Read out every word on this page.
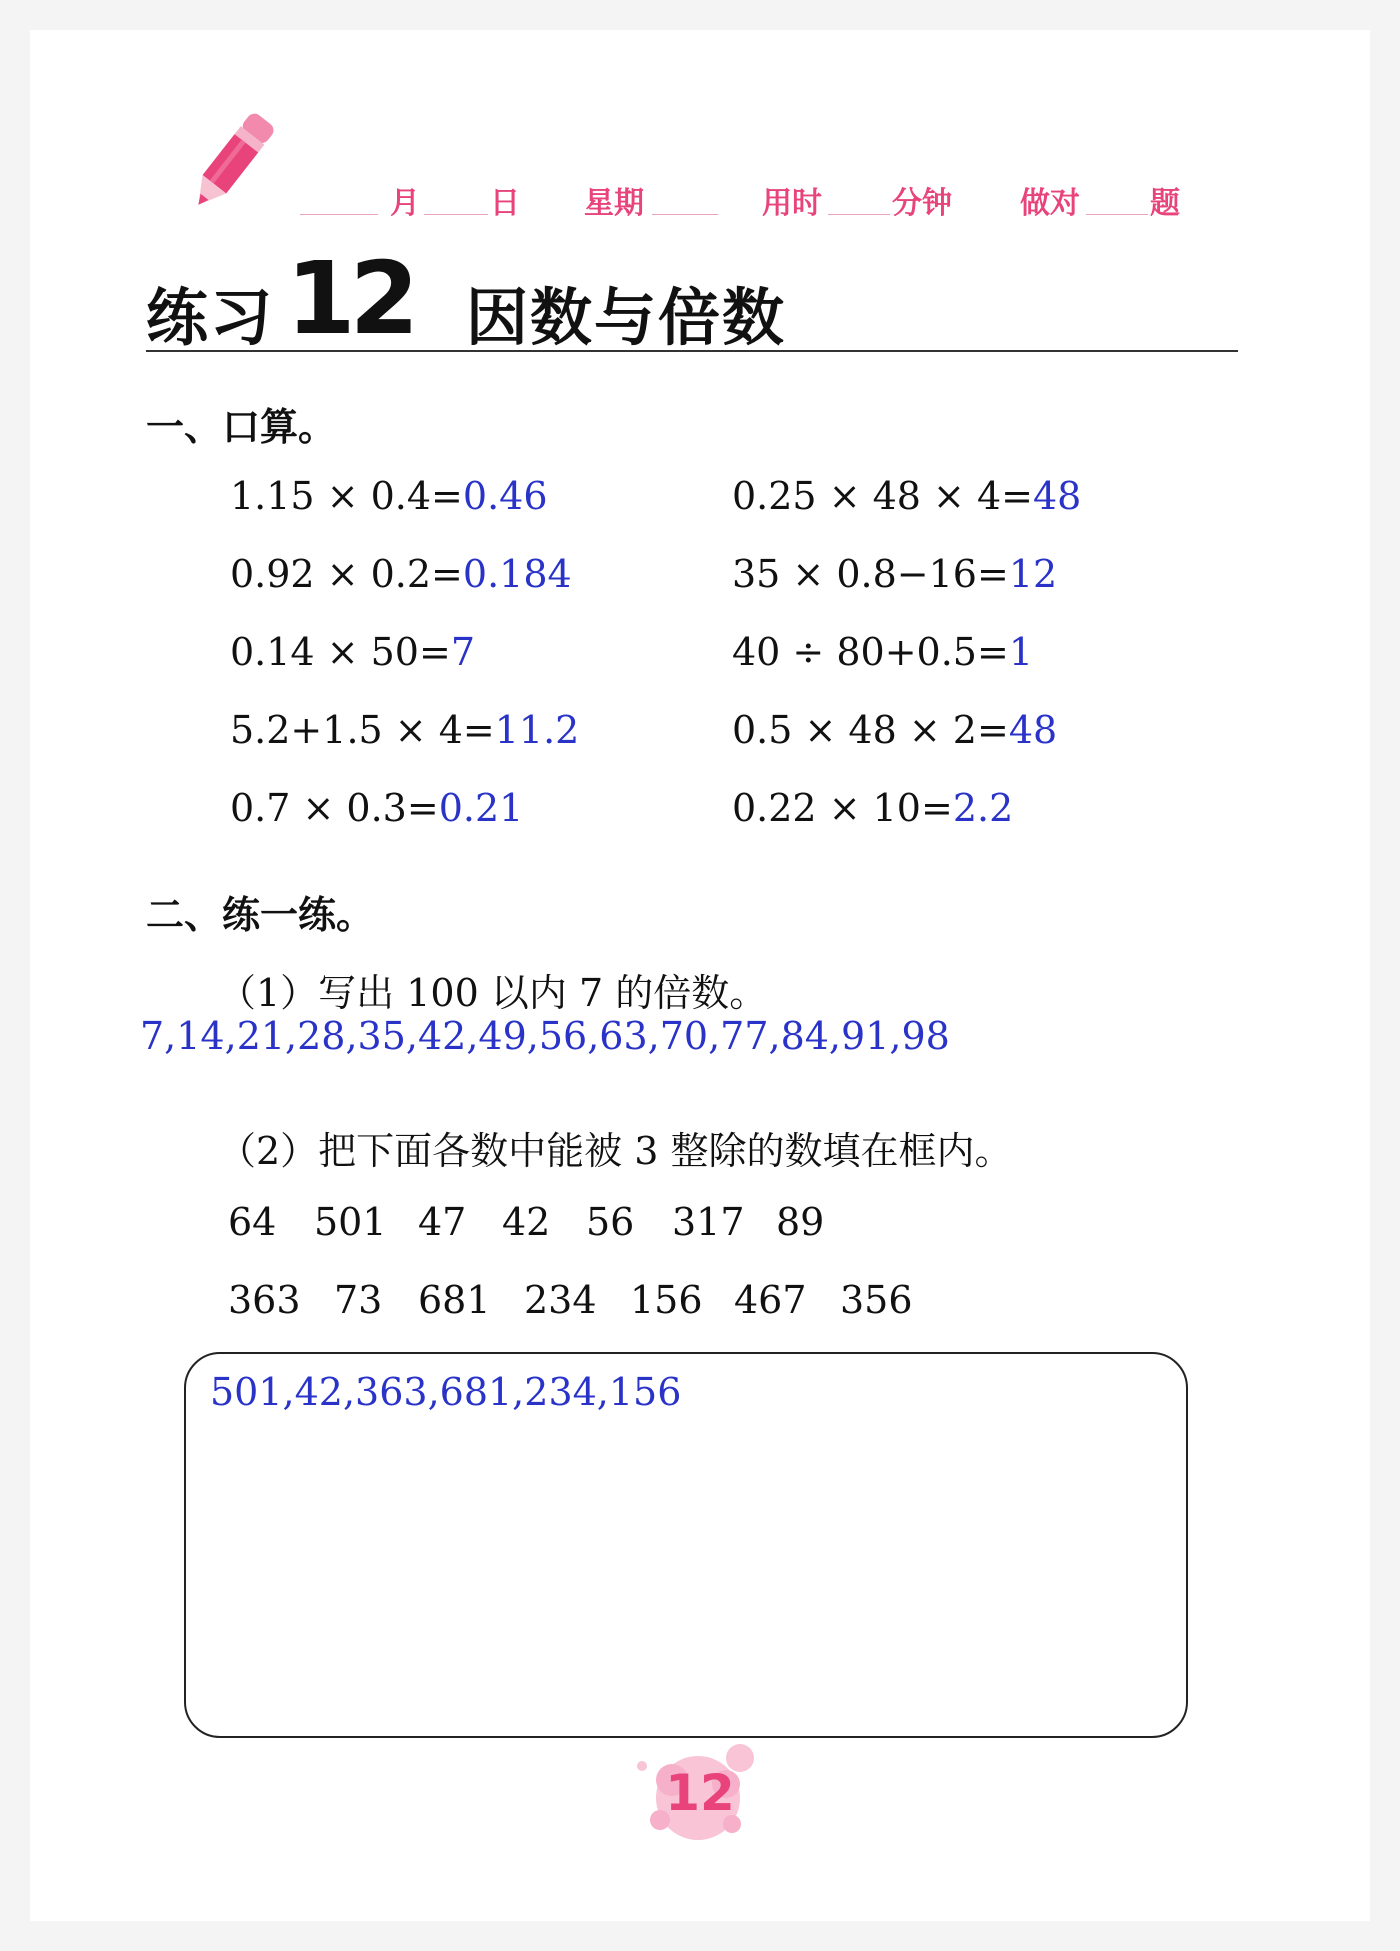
月 日 星期	用时 分钟 做对 题
练习 12 因数与倍数
一、口算。
1.15 × 0.4=0.46
0.92 × 0.2=0.184
0.14 × 50=7
5.2+1.5 × 4=11.2
0.7 × 0.3=0.21
0.25 × 48 × 4=48
35 × 0.8−16=12
40 ÷ 80+0.5=1
0.5 × 48 × 2=48
0.22 × 10=2.2
二、练一练。
（1）写出 100 以内 7 的倍数。
7,14,21,28,35,42,49,56,63,70,77,84,91,98
（2）把下面各数中能被 3 整除的数填在框内。
64 501 47 42 56 317 89
363 73 681 234 156 467 356
501,42,363,681,234,156
12
